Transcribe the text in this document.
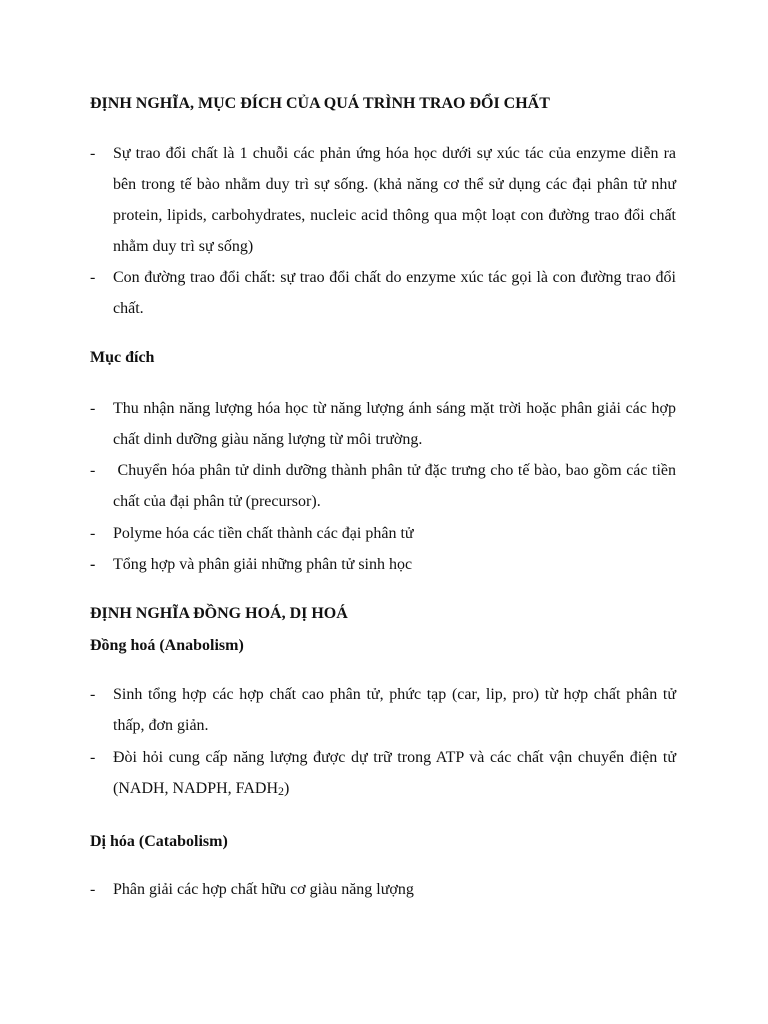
ĐỊNH NGHĨA, MỤC ĐÍCH CỦA QUÁ TRÌNH TRAO ĐỔI CHẤT
- Sự trao đổi chất là 1 chuỗi các phản ứng hóa học dưới sự xúc tác của enzyme diễn ra bên trong tế bào nhằm duy trì sự sống. (khả năng cơ thể sử dụng các đại phân tử như protein, lipids, carbohydrates, nucleic acid thông qua một loạt con đường trao đổi chất nhằm duy trì sự sống)
- Con đường trao đổi chất: sự trao đổi chất do enzyme xúc tác gọi là con đường trao đổi chất.
Mục đích
- Thu nhận năng lượng hóa học từ năng lượng ánh sáng mặt trời hoặc phân giải các hợp chất dinh dưỡng giàu năng lượng từ môi trường.
- Chuyển hóa phân tử dinh dưỡng thành phân tử đặc trưng cho tế bào, bao gồm các tiền chất của đại phân tử (precursor).
- Polyme hóa các tiền chất thành các đại phân tử
- Tổng hợp và phân giải những phân tử sinh học
ĐỊNH NGHĨA ĐỒNG HOÁ, DỊ HOÁ
Đồng hoá (Anabolism)
- Sinh tổng hợp các hợp chất cao phân tử, phức tạp (car, lip, pro) từ hợp chất phân tử thấp, đơn giản.
- Đòi hỏi cung cấp năng lượng được dự trữ trong ATP và các chất vận chuyển điện tử (NADH, NADPH, FADH2)
Dị hóa (Catabolism)
- Phân giải các hợp chất hữu cơ giàu năng lượng
